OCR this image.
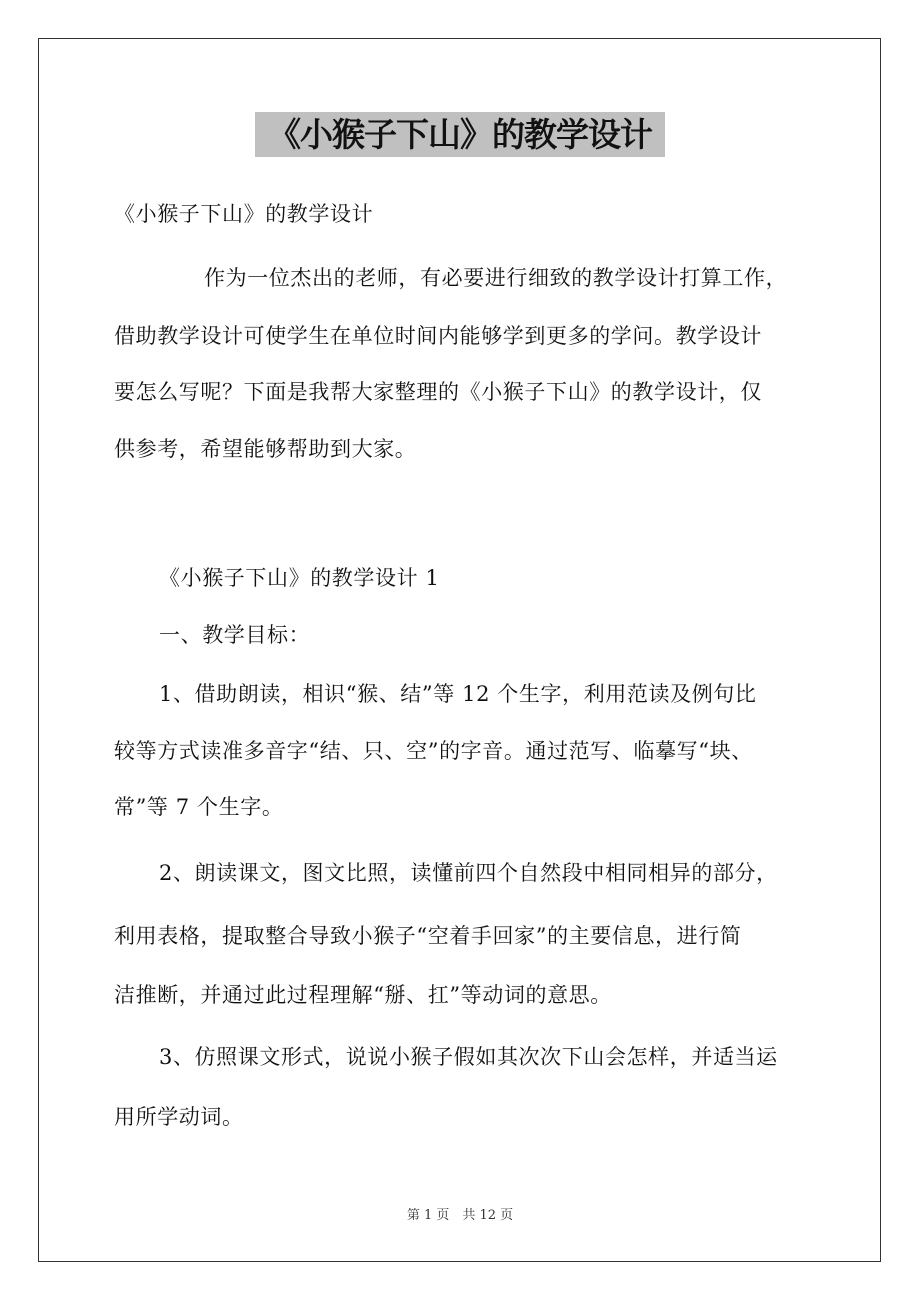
《小猴子下山》的教学设计
《小猴子下山》的教学设计
作为一位杰出的老师，有必要进行细致的教学设计打算工作，
借助教学设计可使学生在单位时间内能够学到更多的学问。教学设计
要怎么写呢？下面是我帮大家整理的《小猴子下山》的教学设计，仅
供参考，希望能够帮助到大家。
《小猴子下山》的教学设计 1
一、教学目标：
1、借助朗读，相识“猴、结”等 12 个生字，利用范读及例句比
较等方式读准多音字“结、只、空”的字音。通过范写、临摹写“块、
常”等 7 个生字。
2、朗读课文，图文比照，读懂前四个自然段中相同相异的部分，
利用表格，提取整合导致小猴子“空着手回家”的主要信息，进行简
洁推断，并通过此过程理解“掰、扛”等动词的意思。
3、仿照课文形式，说说小猴子假如其次次下山会怎样，并适当运
用所学动词。
第 1 页　共 12 页
